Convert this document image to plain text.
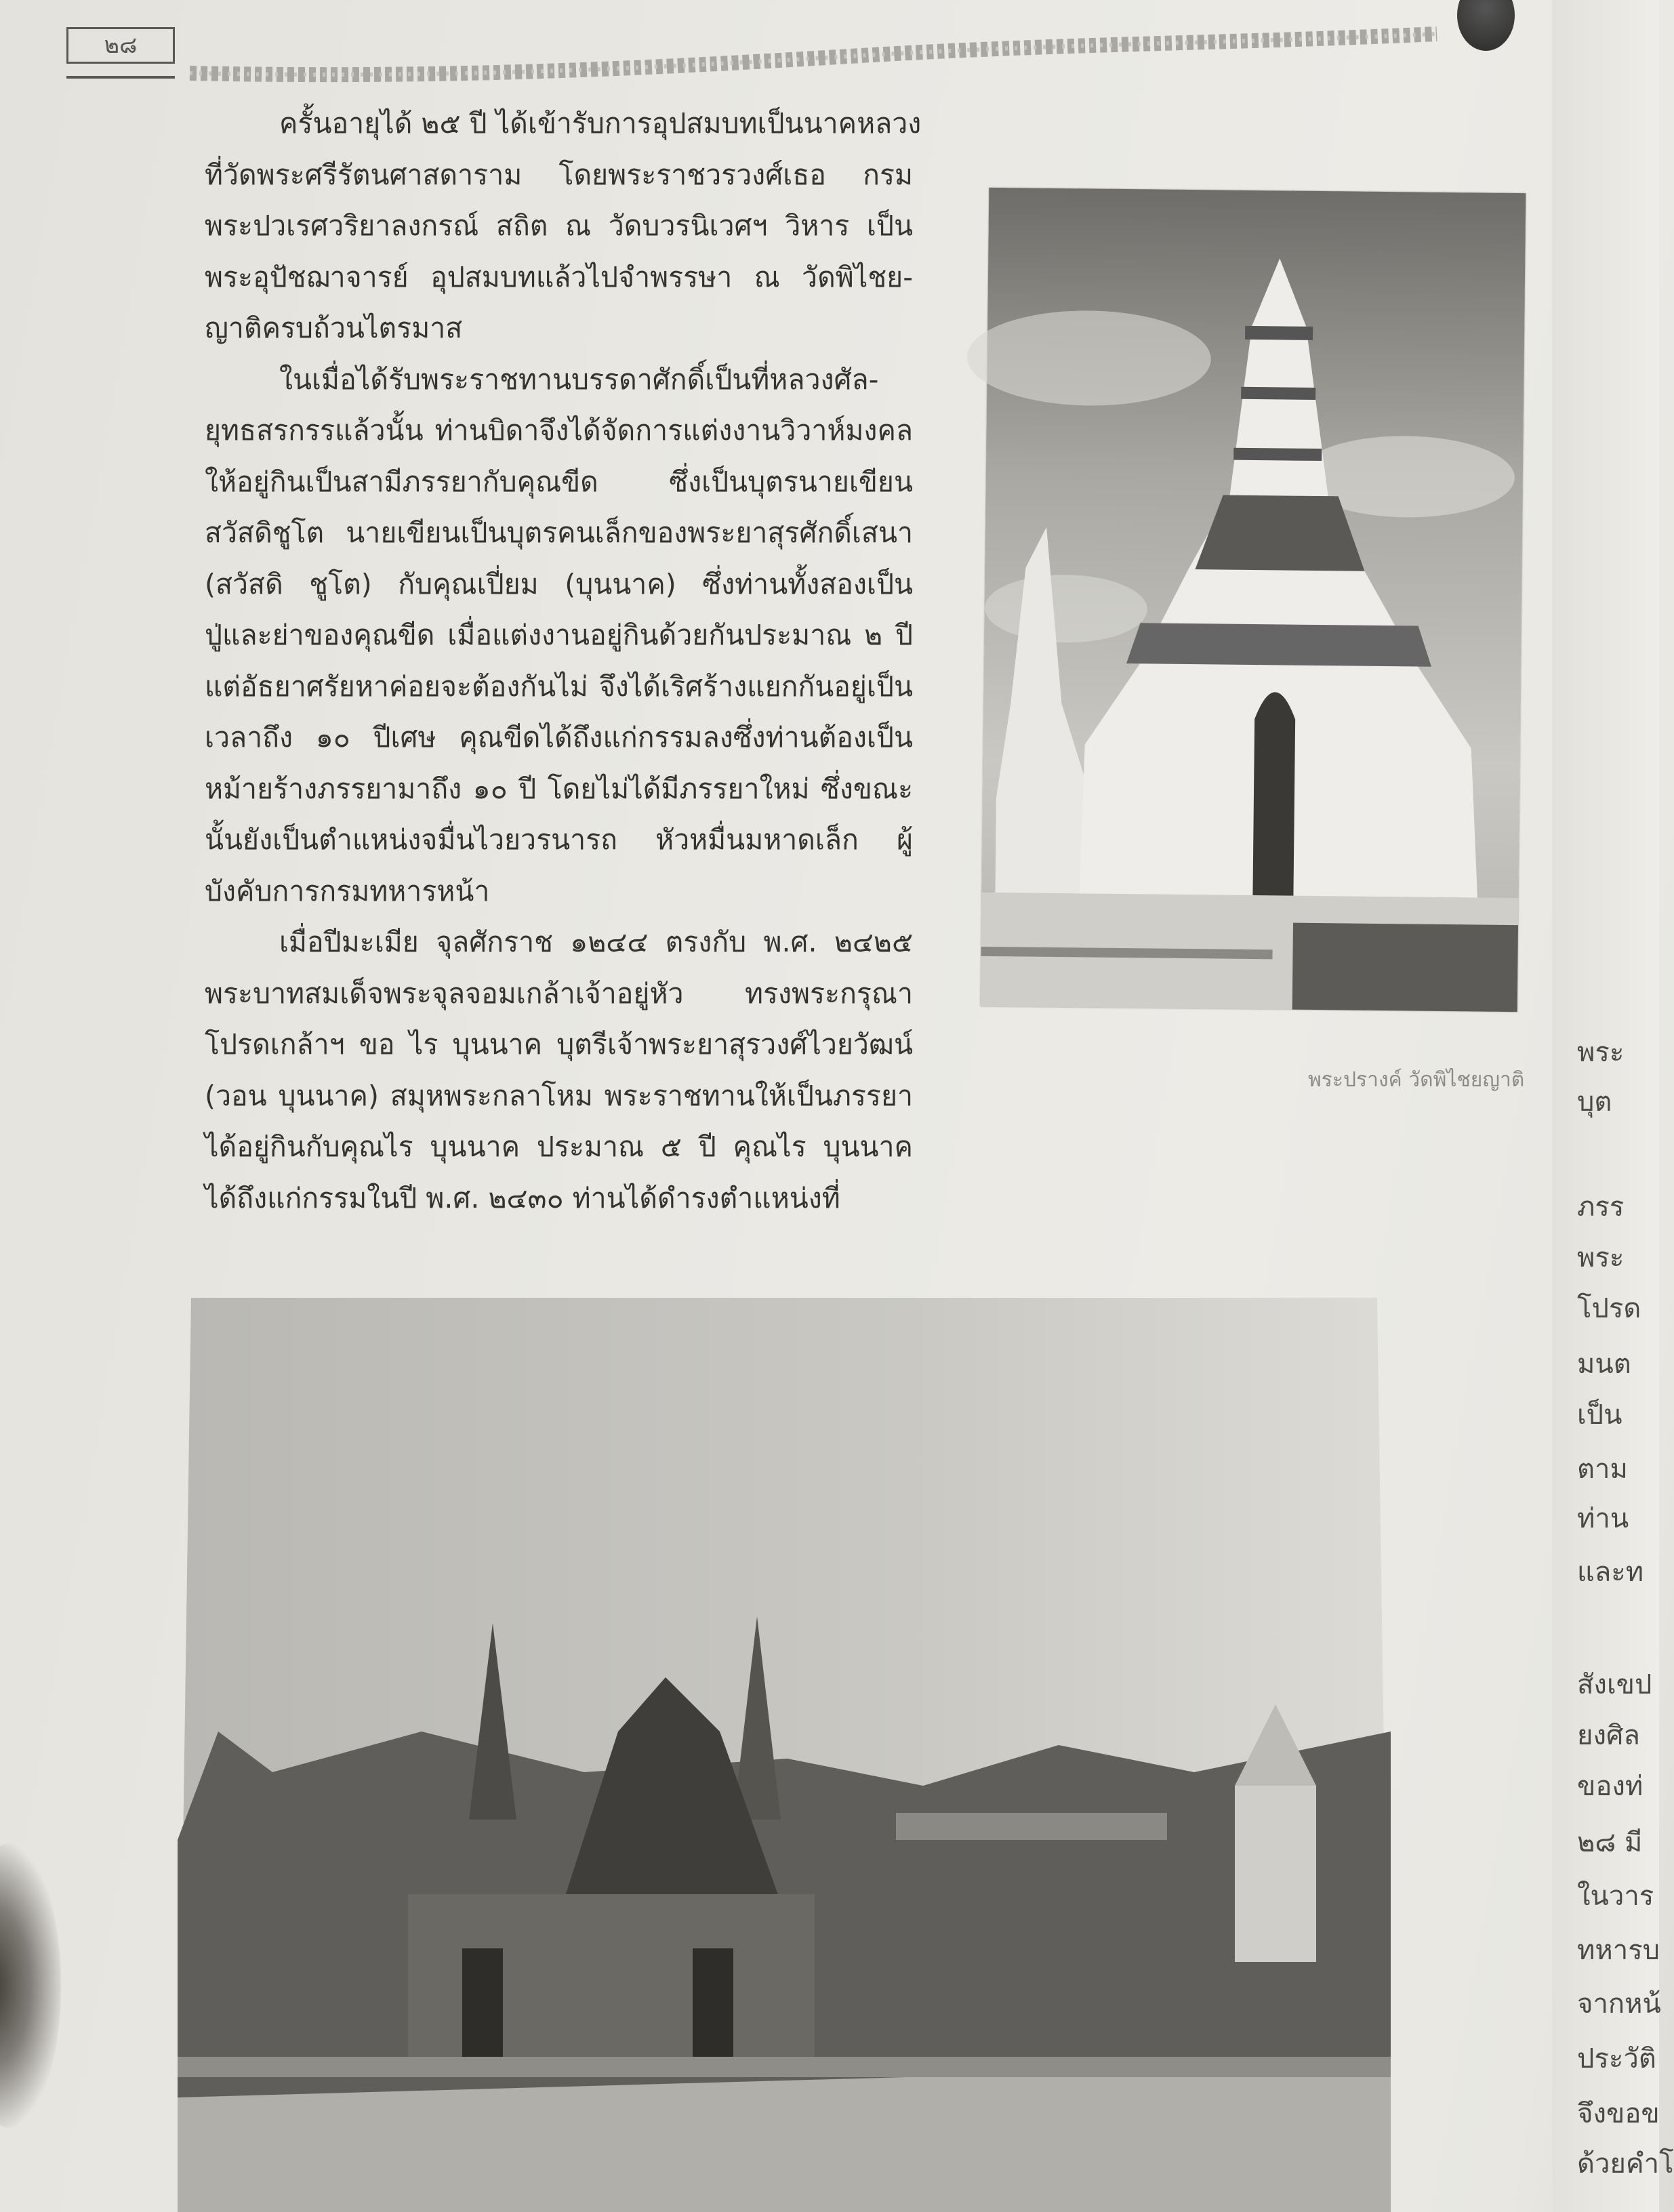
๒๘
ครั้นอายุได้ ๒๕ ปี ได้เข้ารับการอุปสมบทเป็นนาคหลวง
ที่วัดพระศรีรัตนศาสดาราม โดยพระราชวรวงศ์เธอ กรม
พระปวเรศวริยาลงกรณ์ สถิต ณ วัดบวรนิเวศฯ วิหาร เป็น
พระอุปัชฌาจารย์ อุปสมบทแล้วไปจำพรรษา ณ วัดพิไชย-
ญาติครบถ้วนไตรมาส
ในเมื่อได้รับพระราชทานบรรดาศักดิ์เป็นที่หลวงศัล-
ยุทธสรกรรแล้วนั้น ท่านบิดาจึงได้จัดการแต่งงานวิวาห์มงคล
ให้อยู่กินเป็นสามีภรรยากับคุณขีด ซึ่งเป็นบุตรนายเขียน
สวัสดิชูโต นายเขียนเป็นบุตรคนเล็กของพระยาสุรศักดิ์เสนา
(สวัสดิ ชูโต) กับคุณเปี่ยม (บุนนาค) ซึ่งท่านทั้งสองเป็น
ปู่และย่าของคุณขีด เมื่อแต่งงานอยู่กินด้วยกันประมาณ ๒ ปี
แต่อัธยาศรัยหาค่อยจะต้องกันไม่ จึงได้เริศร้างแยกกันอยู่เป็น
เวลาถึง ๑๐ ปีเศษ คุณขีดได้ถึงแก่กรรมลงซึ่งท่านต้องเป็น
หม้ายร้างภรรยามาถึง ๑๐ ปี โดยไม่ได้มีภรรยาใหม่ ซึ่งขณะ
นั้นยังเป็นตำแหน่งจมื่นไวยวรนารถ หัวหมื่นมหาดเล็ก ผู้
บังคับการกรมทหารหน้า
เมื่อปีมะเมีย จุลศักราช ๑๒๔๔ ตรงกับ พ.ศ. ๒๔๒๕
พระบาทสมเด็จพระจุลจอมเกล้าเจ้าอยู่หัว ทรงพระกรุณา
โปรดเกล้าฯ ขอ ไร บุนนาค บุตรีเจ้าพระยาสุรวงศ์ไวยวัฒน์
(วอน บุนนาค) สมุหพระกลาโหม พระราชทานให้เป็นภรรยา
ได้อยู่กินกับคุณไร บุนนาค ประมาณ ๕ ปี คุณไร บุนนาค
ได้ถึงแก่กรรมในปี พ.ศ. ๒๔๓๐ ท่านได้ดำรงตำแหน่งที่
พระปรางค์ วัดพิไชยญาติ
พระ
บุต
ภรร
พระ
โปรด
มนต
เป็น
ตาม
ท่าน
และท
สังเขป
ยงศิล
ของท่
๒๘ มี
ในวาร
ทหารบ
จากหน้
ประวัติ
จึงขอข
ด้วยคำโ
